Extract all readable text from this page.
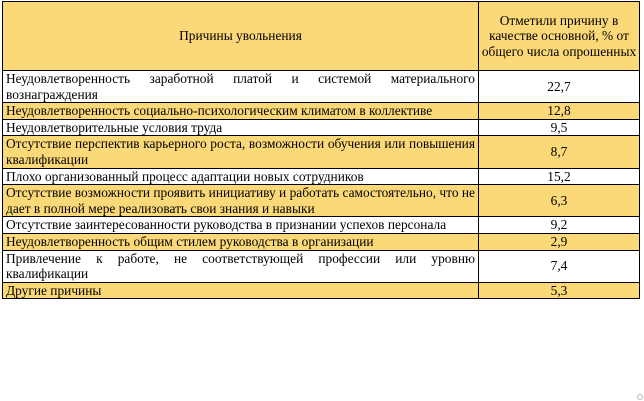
Причины увольнения	Отметили причину в качестве основной, % от общего числа опрошенных
Неудовлетворенность заработной платой и системой материального вознаграждения	22,7
Неудовлетворенность социально-психологическим климатом в коллективе	12,8
Неудовлетворительные условия труда	9,5
Отсутствие перспектив карьерного роста, возможности обучения или повышения квалификации	8,7
Плохо организованный процесс адаптации новых сотрудников	15,2
Отсутствие возможности проявить инициативу и работать самостоятельно, что не дает в полной мере реализовать свои знания и навыки	6,3
Отсутствие заинтересованности руководства в признании успехов персонала	9,2
Неудовлетворенность общим стилем руководства в организации	2,9
Привлечение к работе, не соответствующей профессии или уровню квалификации	7,4
Другие причины	5,3
